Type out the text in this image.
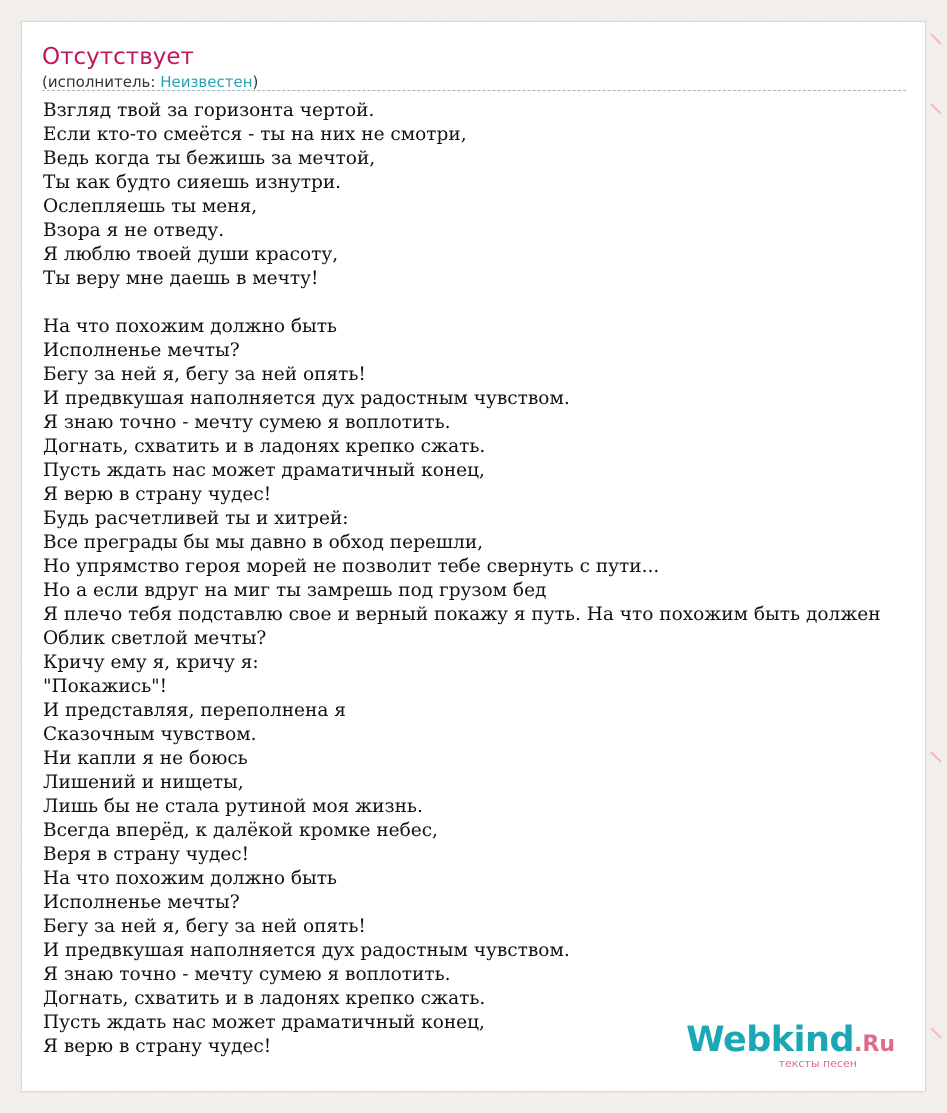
Отсутствует
(исполнитель: Неизвестен)
Взгляд твой за горизонта чертой.
Если кто-то смеётся - ты на них не смотри,
Ведь когда ты бежишь за мечтой,
Ты как будто сияешь изнутри.
Ослепляешь ты меня,
Взора я не отведу.
Я люблю твоей души красоту,
Ты веру мне даешь в мечту!
На что похожим должно быть
Исполненье мечты?
Бегу за ней я, бегу за ней опять!
И предвкушая наполняется дух радостным чувством.
Я знаю точно - мечту сумею я воплотить.
Догнать, схватить и в ладонях крепко сжать.
Пусть ждать нас может драматичный конец,
Я верю в страну чудес!
Будь расчетливей ты и хитрей:
Все преграды бы мы давно в обход перешли,
Но упрямство героя морей не позволит тебе свернуть с пути...
Но а если вдруг на миг ты замрешь под грузом бед
Я плечо тебя подставлю свое и верный покажу я путь. На что похожим быть должен
Облик светлой мечты?
Кричу ему я, кричу я:
"Покажись"!
И представляя, переполнена я
Сказочным чувством.
Ни капли я не боюсь
Лишений и нищеты,
Лишь бы не стала рутиной моя жизнь.
Всегда вперёд, к далёкой кромке небес,
Веря в страну чудес!
На что похожим должно быть
Исполненье мечты?
Бегу за ней я, бегу за ней опять!
И предвкушая наполняется дух радостным чувством.
Я знаю точно - мечту сумею я воплотить.
Догнать, схватить и в ладонях крепко сжать.
Пусть ждать нас может драматичный конец,
Я верю в страну чудес!	Webkind.Ru
тексты песен
